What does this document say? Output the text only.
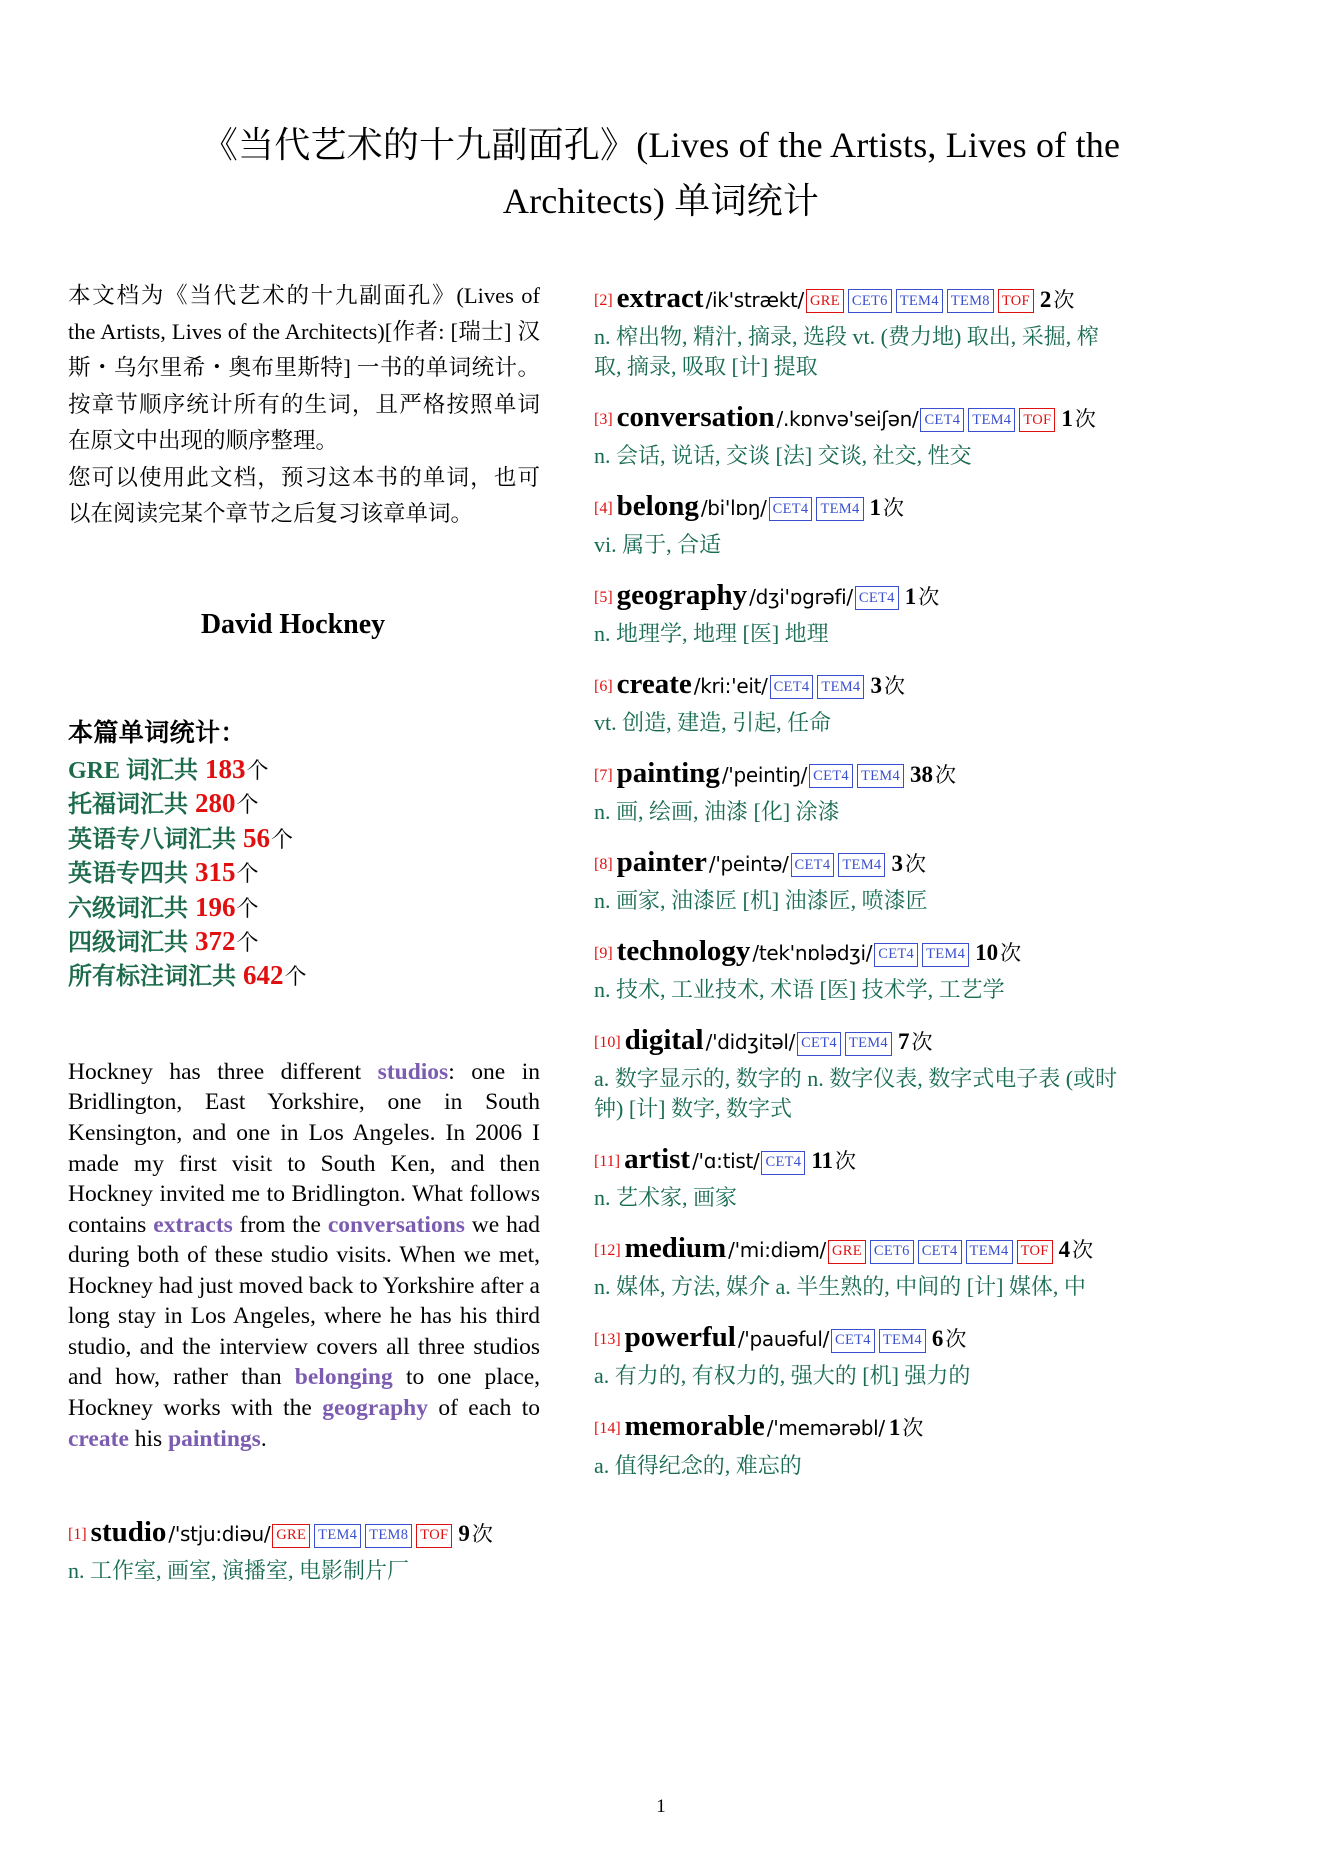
《当代艺术的十九副面孔》(Lives of the Artists, Lives of the Architects) 单词统计

本文档为《当代艺术的十九副面孔》(Lives of the Artists, Lives of the Architects)[作者: [瑞士] 汉斯・乌尔里希・奥布里斯特] 一书的单词统计。按章节顺序统计所有的生词，且严格按照单词在原文中出现的顺序整理。

您可以使用此文档，预习这本书的单词，也可以在阅读完某个章节之后复习该章单词。

David Hockney
本篇单词统计：
GRE 词汇共 183个
托福词汇共 280个
英语专八词汇共 56个
英语专四共 315个
六级词汇共 196个
四级词汇共 372个
所有标注词汇共 642个

Hockney has three different studios: one in Bridlington, East Yorkshire, one in South Kensington, and one in Los Angeles. In 2006 I made my first visit to South Ken, and then Hockney invited me to Bridlington. What follows contains extracts from the conversations we had during both of these studio visits. When we met, Hockney had just moved back to Yorkshire after a long stay in Los Angeles, where he has his third studio, and the interview covers all three studios and how, rather than belonging to one place, Hockney works with the geography of each to create his paintings.

[1] studio /'stju:diəu/ GRE TEM4 TEM8 TOF 9次
n. 工作室, 画室, 演播室, 电影制片厂
[2] extract /ik'strækt/ GRE CET6 TEM4 TEM8 TOF 2次
n. 榨出物, 精汁, 摘录, 选段 vt. (费力地) 取出, 采掘, 榨取, 摘录, 吸取 [计] 提取
[3] conversation /.kɒnvə'seiʃən/ CET4 TEM4 TOF 1次
n. 会话, 说话, 交谈 [法] 交谈, 社交, 性交
[4] belong /bi'lɒŋ/ CET4 TEM4 1次
vi. 属于, 合适
[5] geography /dʒi'ɒgrəfi/ CET4 1次
n. 地理学, 地理 [医] 地理
[6] create /kri:'eit/ CET4 TEM4 3次
vt. 创造, 建造, 引起, 任命
[7] painting /'peintiŋ/ CET4 TEM4 38次
n. 画, 绘画, 油漆 [化] 涂漆
[8] painter /'peintə/ CET4 TEM4 3次
n. 画家, 油漆匠 [机] 油漆匠, 喷漆匠
[9] technology /tek'nɒlədʒi/ CET4 TEM4 10次
n. 技术, 工业技术, 术语 [医] 技术学, 工艺学
[10] digital /'didʒitəl/ CET4 TEM4 7次
a. 数字显示的, 数字的 n. 数字仪表, 数字式电子表 (或时钟) [计] 数字, 数字式
[11] artist /'ɑ:tist/ CET4 11次
n. 艺术家, 画家
[12] medium /'mi:diəm/ GRE CET6 CET4 TEM4 TOF 4次
n. 媒体, 方法, 媒介 a. 半生熟的, 中间的 [计] 媒体, 中
[13] powerful /'pauəful/ CET4 TEM4 6次
a. 有力的, 有权力的, 强大的 [机] 强力的
[14] memorable /'memərəbl/ 1次
a. 值得纪念的, 难忘的
1
